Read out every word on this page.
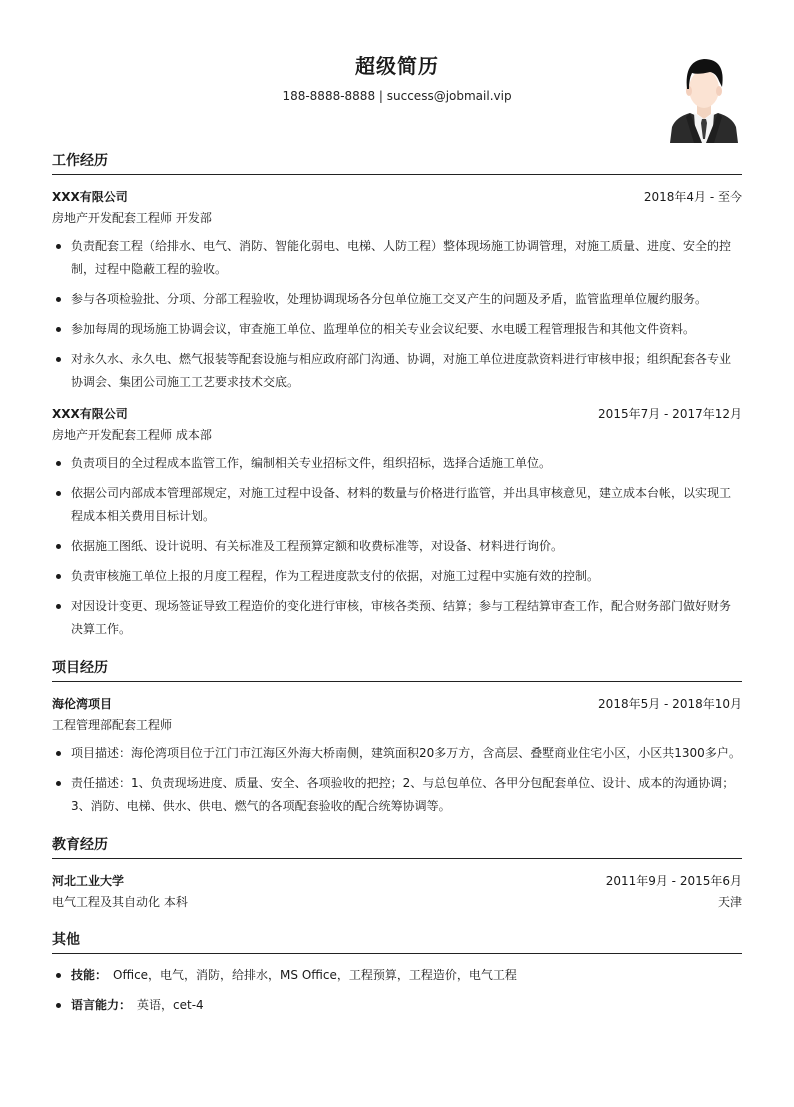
超级简历
188-8888-8888 | success@jobmail.vip
工作经历
XXX有限公司	2018年4月 - 至今
房地产开发配套工程师 开发部
负责配套工程（给排水、电气、消防、智能化弱电、电梯、人防工程）整体现场施工协调管理，对施工质量、进度、安全的控制，过程中隐蔽工程的验收。
参与各项检验批、分项、分部工程验收，处理协调现场各分包单位施工交叉产生的问题及矛盾，监管监理单位履约服务。
参加每周的现场施工协调会议，审查施工单位、监理单位的相关专业会议纪要、水电暖工程管理报告和其他文件资料。
对永久水、永久电、燃气报装等配套设施与相应政府部门沟通、协调，对施工单位进度款资料进行审核申报；组织配套各专业协调会、集团公司施工工艺要求技术交底。
XXX有限公司	2015年7月 - 2017年12月
房地产开发配套工程师 成本部
负责项目的全过程成本监管工作，编制相关专业招标文件，组织招标，选择合适施工单位。
依据公司内部成本管理部规定，对施工过程中设备、材料的数量与价格进行监管，并出具审核意见，建立成本台帐，以实现工程成本相关费用目标计划。
依据施工图纸、设计说明、有关标准及工程预算定额和收费标准等，对设备、材料进行询价。
负责审核施工单位上报的月度工程程，作为工程进度款支付的依据，对施工过程中实施有效的控制。
对因设计变更、现场签证导致工程造价的变化进行审核，审核各类预、结算；参与工程结算审查工作，配合财务部门做好财务决算工作。
项目经历
海伦湾项目	2018年5月 - 2018年10月
工程管理部配套工程师
项目描述：海伦湾项目位于江门市江海区外海大桥南侧，建筑面积20多万方，含高层、叠墅商业住宅小区，小区共1300多户。
责任描述：1、负责现场进度、质量、安全、各项验收的把控；2、与总包单位、各甲分包配套单位、设计、成本的沟通协调；3、消防、电梯、供水、供电、燃气的各项配套验收的配合统筹协调等。
教育经历
河北工业大学	2011年9月 - 2015年6月
电气工程及其自动化 本科	天津
其他
技能： Office，电气，消防，给排水，MS Office，工程预算，工程造价，电气工程
语言能力： 英语，cet-4
